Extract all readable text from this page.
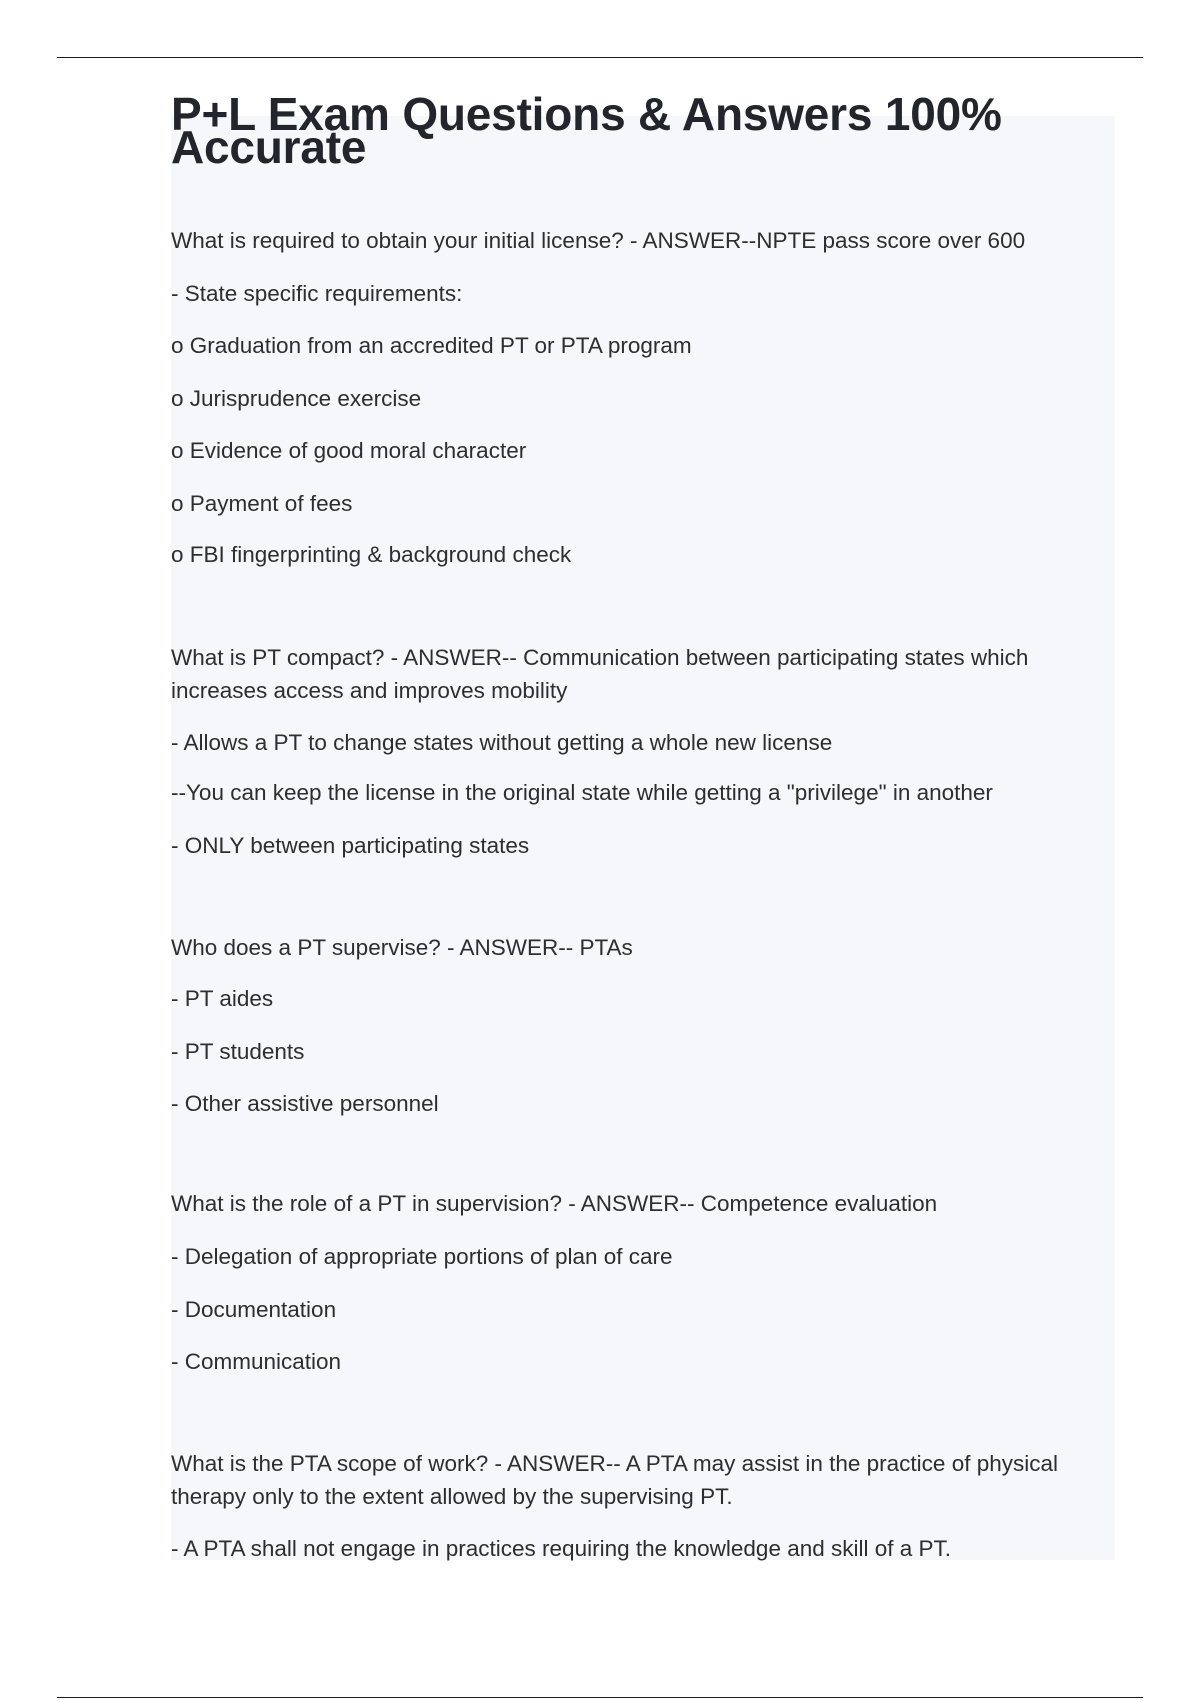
P+L Exam Questions & Answers 100% Accurate

What is required to obtain your initial license? - ANSWER--NPTE pass score over 600

- State specific requirements:

o Graduation from an accredited PT or PTA program

o Jurisprudence exercise

o Evidence of good moral character

o Payment of fees

o FBI fingerprinting & background check

What is PT compact? - ANSWER-- Communication between participating states which increases access and improves mobility

- Allows a PT to change states without getting a whole new license

--You can keep the license in the original state while getting a "privilege" in another

- ONLY between participating states

Who does a PT supervise? - ANSWER-- PTAs

- PT aides

- PT students

- Other assistive personnel

What is the role of a PT in supervision? - ANSWER-- Competence evaluation

- Delegation of appropriate portions of plan of care

- Documentation

- Communication

What is the PTA scope of work? - ANSWER-- A PTA may assist in the practice of physical therapy only to the extent allowed by the supervising PT.

- A PTA shall not engage in practices requiring the knowledge and skill of a PT.
